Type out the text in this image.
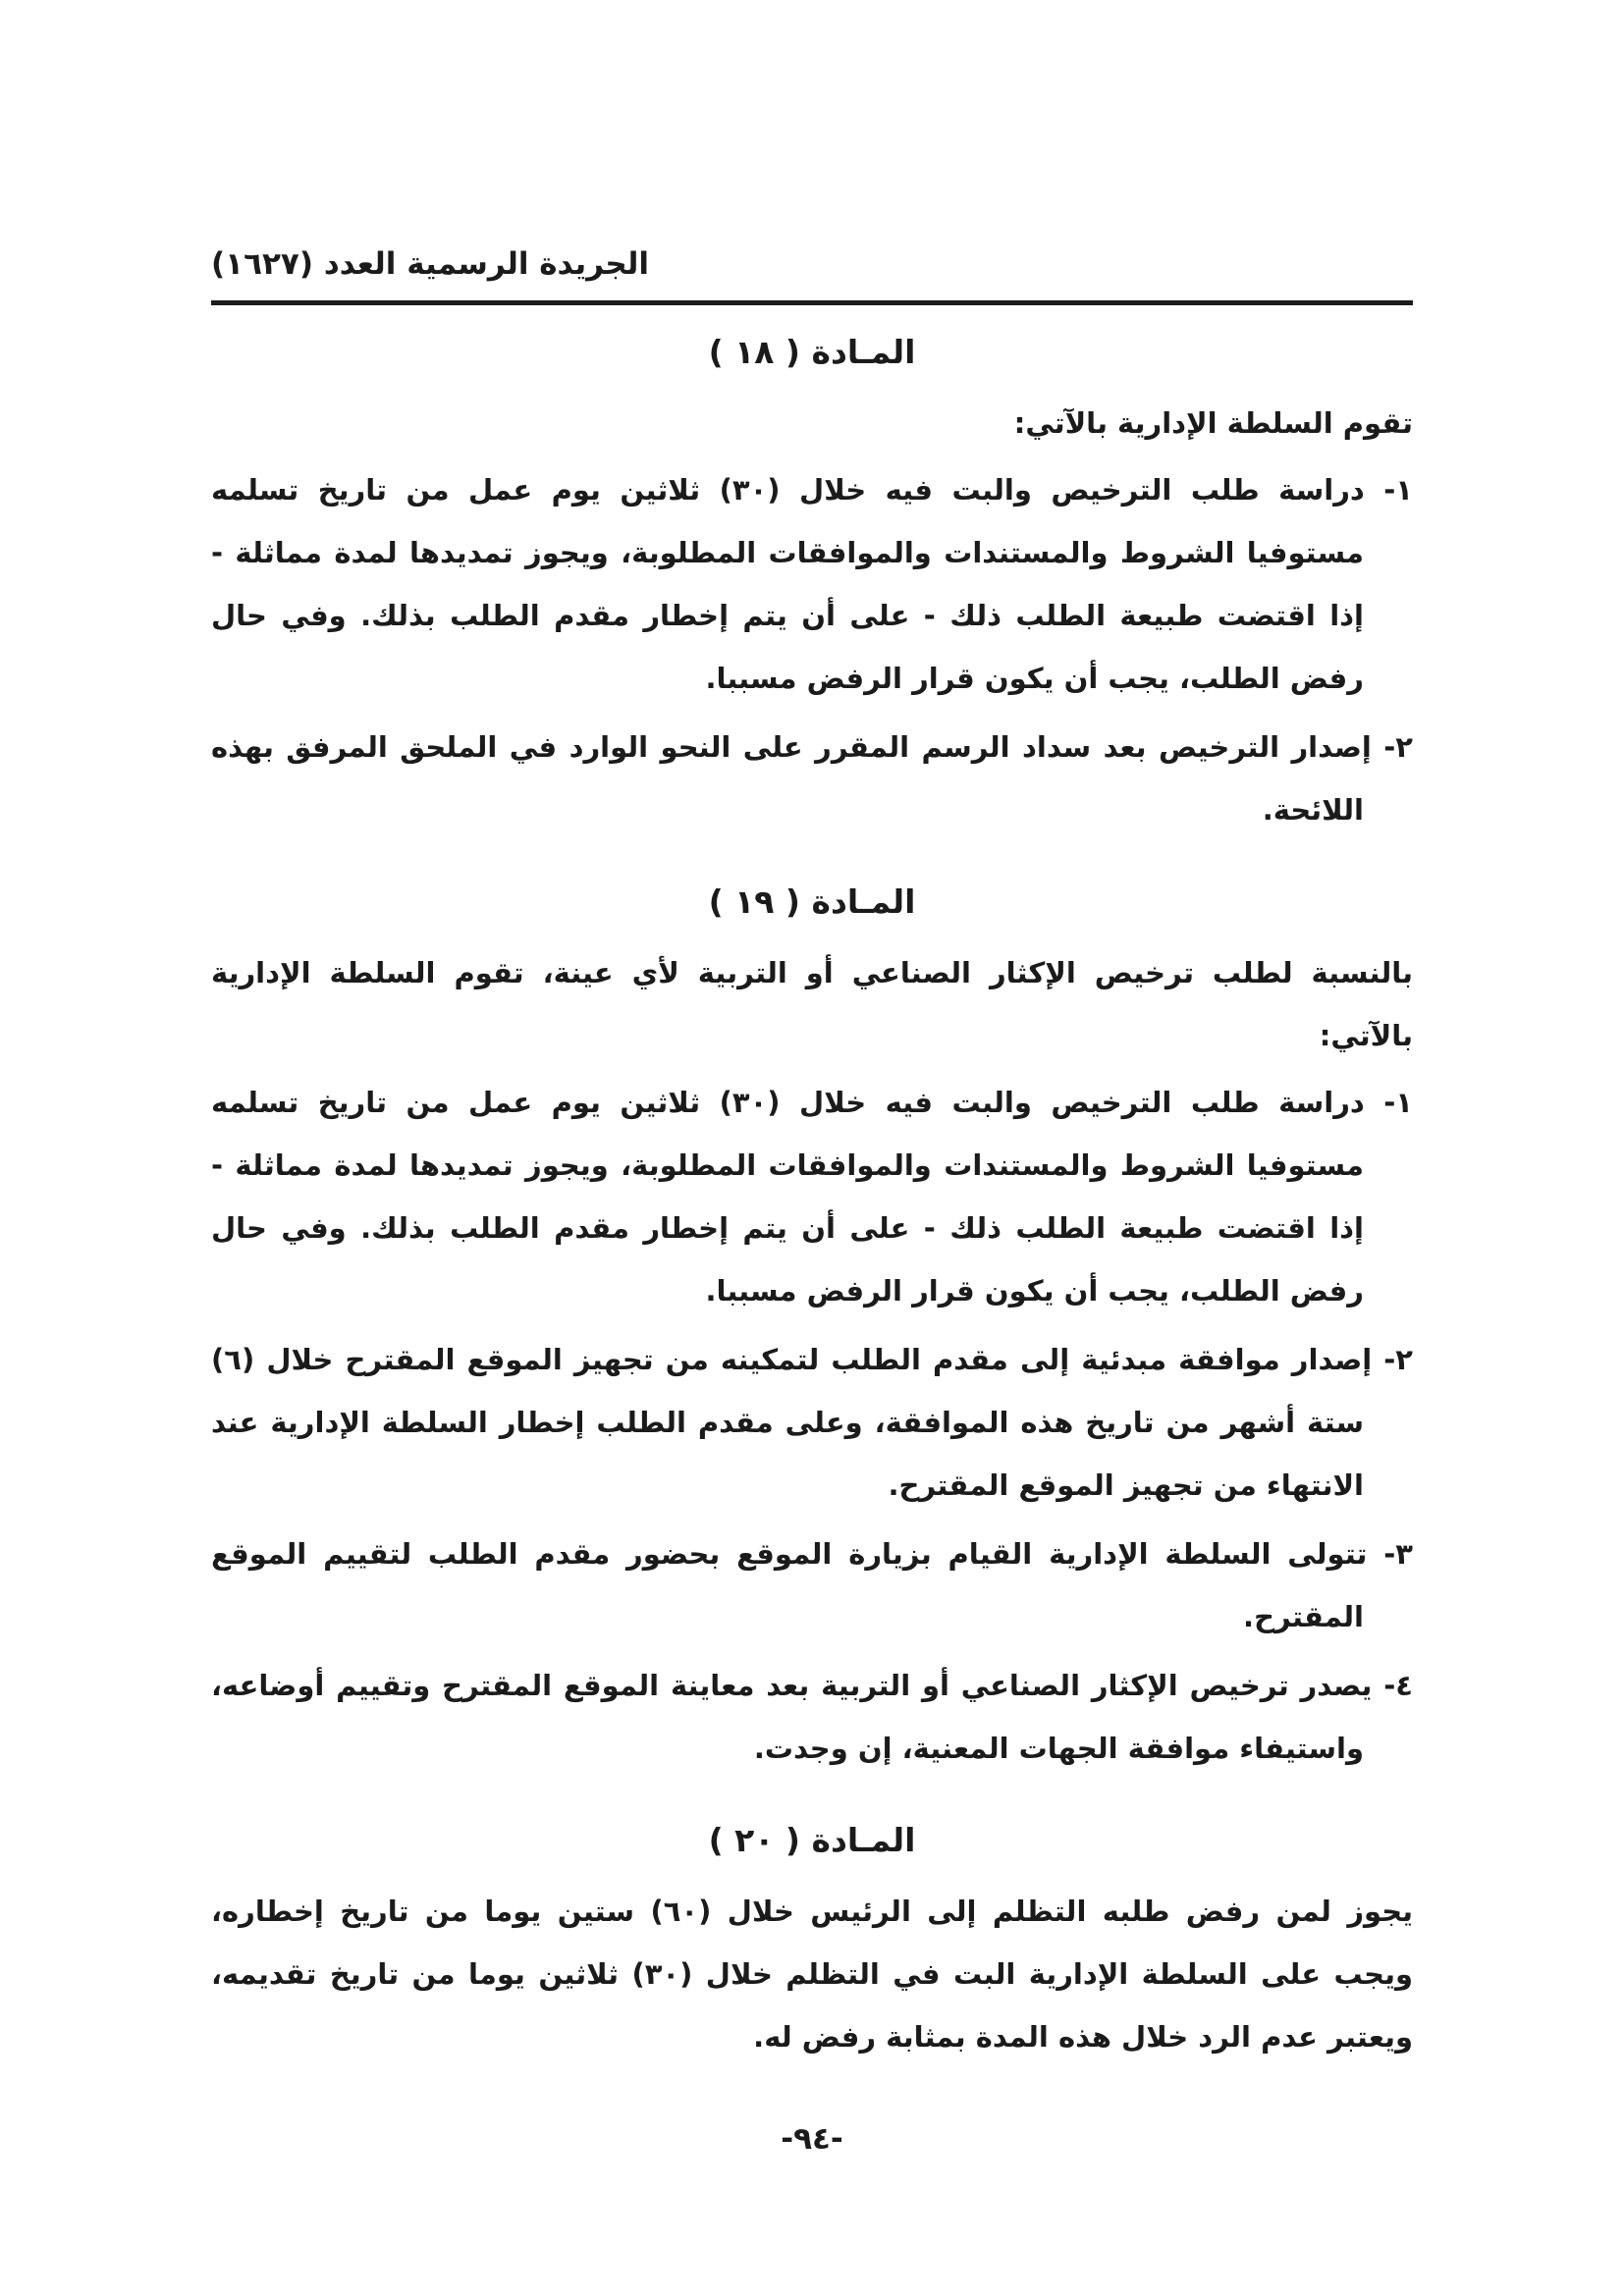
الجريدة الرسمية العدد (١٦٢٧)
المـادة ( ١٨ )

تقوم السلطة الإدارية بالآتي:

١- دراسة طلب الترخيص والبت فيه خلال (٣٠) ثلاثين يوم عمل من تاريخ تسلمه مستوفيا الشروط والمستندات والموافقات المطلوبة، ويجوز تمديدها لمدة مماثلة - إذا اقتضت طبيعة الطلب ذلك - على أن يتم إخطار مقدم الطلب بذلك. وفي حال رفض الطلب، يجب أن يكون قرار الرفض مسببا.

٢- إصدار الترخيص بعد سداد الرسم المقرر على النحو الوارد في الملحق المرفق بهذه اللائحة.

المـادة ( ١٩ )

بالنسبة لطلب ترخيص الإكثار الصناعي أو التربية لأي عينة، تقوم السلطة الإدارية بالآتي:

١- دراسة طلب الترخيص والبت فيه خلال (٣٠) ثلاثين يوم عمل من تاريخ تسلمه مستوفيا الشروط والمستندات والموافقات المطلوبة، ويجوز تمديدها لمدة مماثلة - إذا اقتضت طبيعة الطلب ذلك - على أن يتم إخطار مقدم الطلب بذلك. وفي حال رفض الطلب، يجب أن يكون قرار الرفض مسببا.

٢- إصدار موافقة مبدئية إلى مقدم الطلب لتمكينه من تجهيز الموقع المقترح خلال (٦) ستة أشهر من تاريخ هذه الموافقة، وعلى مقدم الطلب إخطار السلطة الإدارية عند الانتهاء من تجهيز الموقع المقترح.

٣- تتولى السلطة الإدارية القيام بزيارة الموقع بحضور مقدم الطلب لتقييم الموقع المقترح.

٤- يصدر ترخيص الإكثار الصناعي أو التربية بعد معاينة الموقع المقترح وتقييم أوضاعه، واستيفاء موافقة الجهات المعنية، إن وجدت.

المـادة ( ٢٠ )

يجوز لمن رفض طلبه التظلم إلى الرئيس خلال (٦٠) ستين يوما من تاريخ إخطاره، ويجب على السلطة الإدارية البت في التظلم خلال (٣٠) ثلاثين يوما من تاريخ تقديمه، ويعتبر عدم الرد خلال هذه المدة بمثابة رفض له.

-٩٤-
